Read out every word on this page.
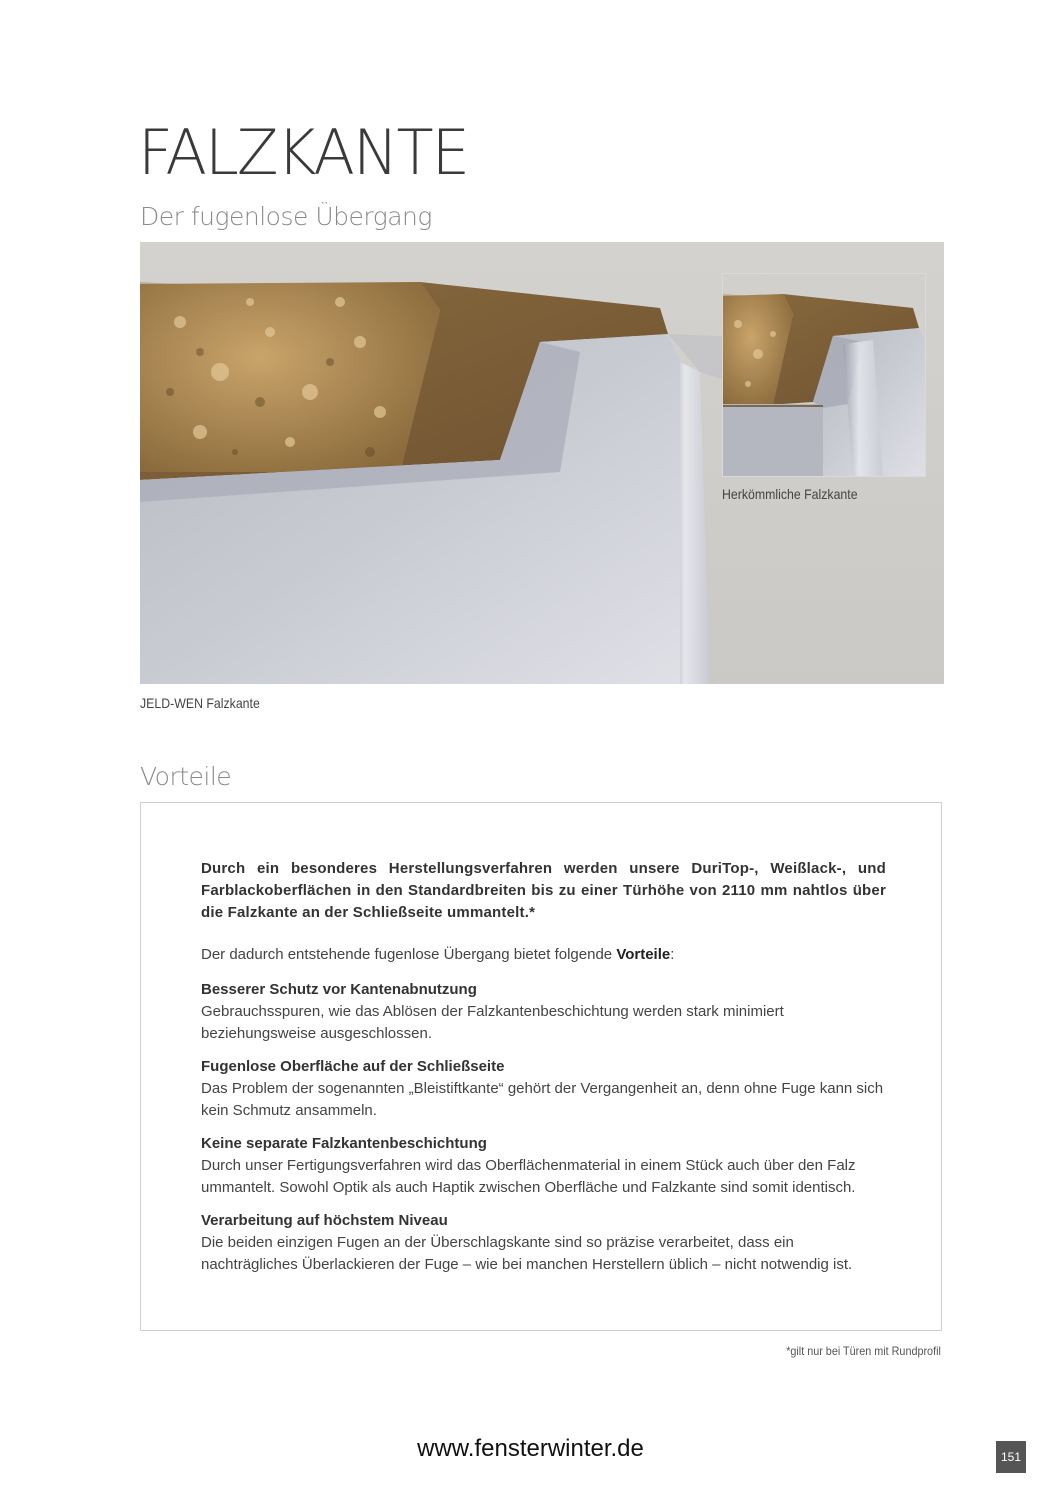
FALZKANTE
Der fugenlose Übergang
Herkömmliche Falzkante
JELD-WEN Falzkante
Vorteile

Durch ein besonderes Herstellungsverfahren werden unsere DuriTop-, Weißlack-, und Farblackoberflächen in den Standardbreiten bis zu einer Türhöhe von 2110 mm nahtlos über die Falzkante an der Schließseite ummantelt.*

Der dadurch entstehende fugenlose Übergang bietet folgende Vorteile:

Besserer Schutz vor Kantenabnutzung
Gebrauchsspuren, wie das Ablösen der Falzkantenbeschichtung werden stark minimiert beziehungsweise ausgeschlossen.
Fugenlose Oberfläche auf der Schließseite
Das Problem der sogenannten „Bleistiftkante“ gehört der Vergangenheit an, denn ohne Fuge kann sich kein Schmutz ansammeln.
Keine separate Falzkantenbeschichtung
Durch unser Fertigungsverfahren wird das Oberflächenmaterial in einem Stück auch über den Falz ummantelt. Sowohl Optik als auch Haptik zwischen Oberfläche und Falzkante sind somit identisch.
Verarbeitung auf höchstem Niveau
Die beiden einzigen Fugen an der Überschlagskante sind so präzise verarbeitet, dass ein nachträgliches Überlackieren der Fuge – wie bei manchen Herstellern üblich – nicht notwendig ist.
*gilt nur bei Türen mit Rundprofil
www.fensterwinter.de	151
